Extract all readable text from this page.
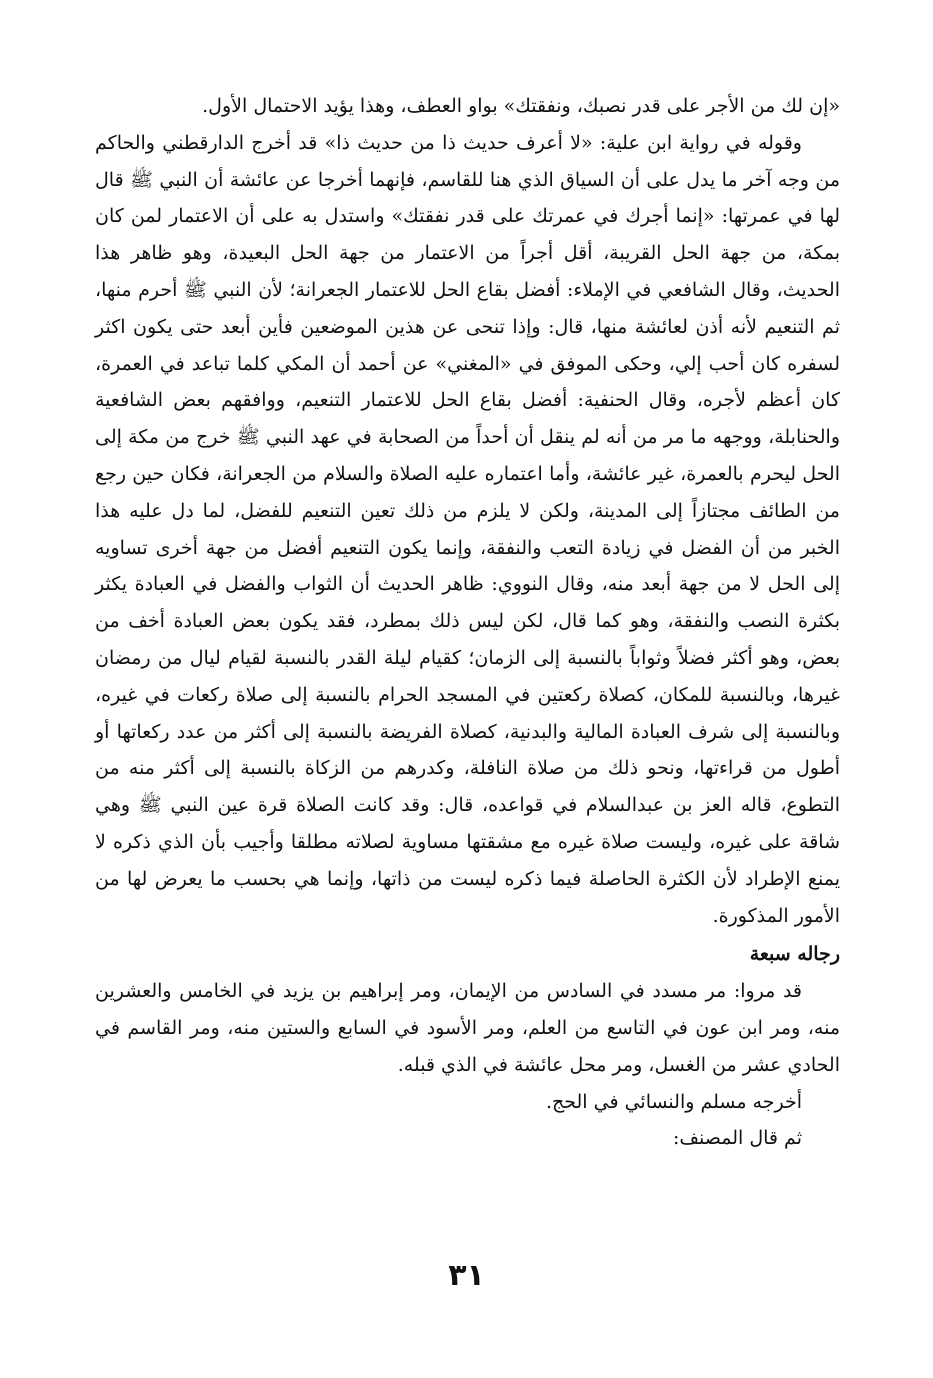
«إن لك من الأجر على قدر نصبك، ونفقتك» بواو العطف، وهذا يؤيد الاحتمال الأول.

وقوله في رواية ابن علية: «لا أعرف حديث ذا من حديث ذا» قد أخرج الدارقطني والحاكم من وجه آخر ما يدل على أن السياق الذي هنا للقاسم، فإنهما أخرجا عن عائشة أن النبي ﷺ قال لها في عمرتها: «إنما أجرك في عمرتك على قدر نفقتك» واستدل به على أن الاعتمار لمن كان بمكة، من جهة الحل القريبة، أقل أجراً من الاعتمار من جهة الحل البعيدة، وهو ظاهر هذا الحديث، وقال الشافعي في الإملاء: أفضل بقاع الحل للاعتمار الجعرانة؛ لأن النبي ﷺ أحرم منها، ثم التنعيم لأنه أذن لعائشة منها، قال: وإذا تنحى عن هذين الموضعين فأين أبعد حتى يكون اكثر لسفره كان أحب إلي، وحكى الموفق في «المغني» عن أحمد أن المكي كلما تباعد في العمرة، كان أعظم لأجره، وقال الحنفية: أفضل بقاع الحل للاعتمار التنعيم، ووافقهم بعض الشافعية والحنابلة، ووجهه ما مر من أنه لم ينقل أن أحداً من الصحابة في عهد النبي ﷺ خرج من مكة إلى الحل ليحرم بالعمرة، غير عائشة، وأما اعتماره عليه الصلاة والسلام من الجعرانة، فكان حين رجع من الطائف مجتازاً إلى المدينة، ولكن لا يلزم من ذلك تعين التنعيم للفضل، لما دل عليه هذا الخبر من أن الفضل في زيادة التعب والنفقة، وإنما يكون التنعيم أفضل من جهة أخرى تساويه إلى الحل لا من جهة أبعد منه، وقال النووي: ظاهر الحديث أن الثواب والفضل في العبادة يكثر بكثرة النصب والنفقة، وهو كما قال، لكن ليس ذلك بمطرد، فقد يكون بعض العبادة أخف من بعض، وهو أكثر فضلاً وثواباً بالنسبة إلى الزمان؛ كقيام ليلة القدر بالنسبة لقيام ليال من رمضان غيرها، وبالنسبة للمكان، كصلاة ركعتين في المسجد الحرام بالنسبة إلى صلاة ركعات في غيره، وبالنسبة إلى شرف العبادة المالية والبدنية، كصلاة الفريضة بالنسبة إلى أكثر من عدد ركعاتها أو أطول من قراءتها، ونحو ذلك من صلاة النافلة، وكدرهم من الزكاة بالنسبة إلى أكثر منه من التطوع، قاله العز بن عبدالسلام في قواعده، قال: وقد كانت الصلاة قرة عين النبي ﷺ وهي شاقة على غيره، وليست صلاة غيره مع مشقتها مساوية لصلاته مطلقا وأجيب بأن الذي ذكره لا يمنع الإطراد لأن الكثرة الحاصلة فيما ذكره ليست من ذاتها، وإنما هي بحسب ما يعرض لها من الأمور المذكورة.

رجاله سبعة

قد مروا: مر مسدد في السادس من الإيمان، ومر إبراهيم بن يزيد في الخامس والعشرين منه، ومر ابن عون في التاسع من العلم، ومر الأسود في السابع والستين منه، ومر القاسم في الحادي عشر من الغسل، ومر محل عائشة في الذي قبله.

أخرجه مسلم والنسائي في الحج.

ثم قال المصنف:

٣١
